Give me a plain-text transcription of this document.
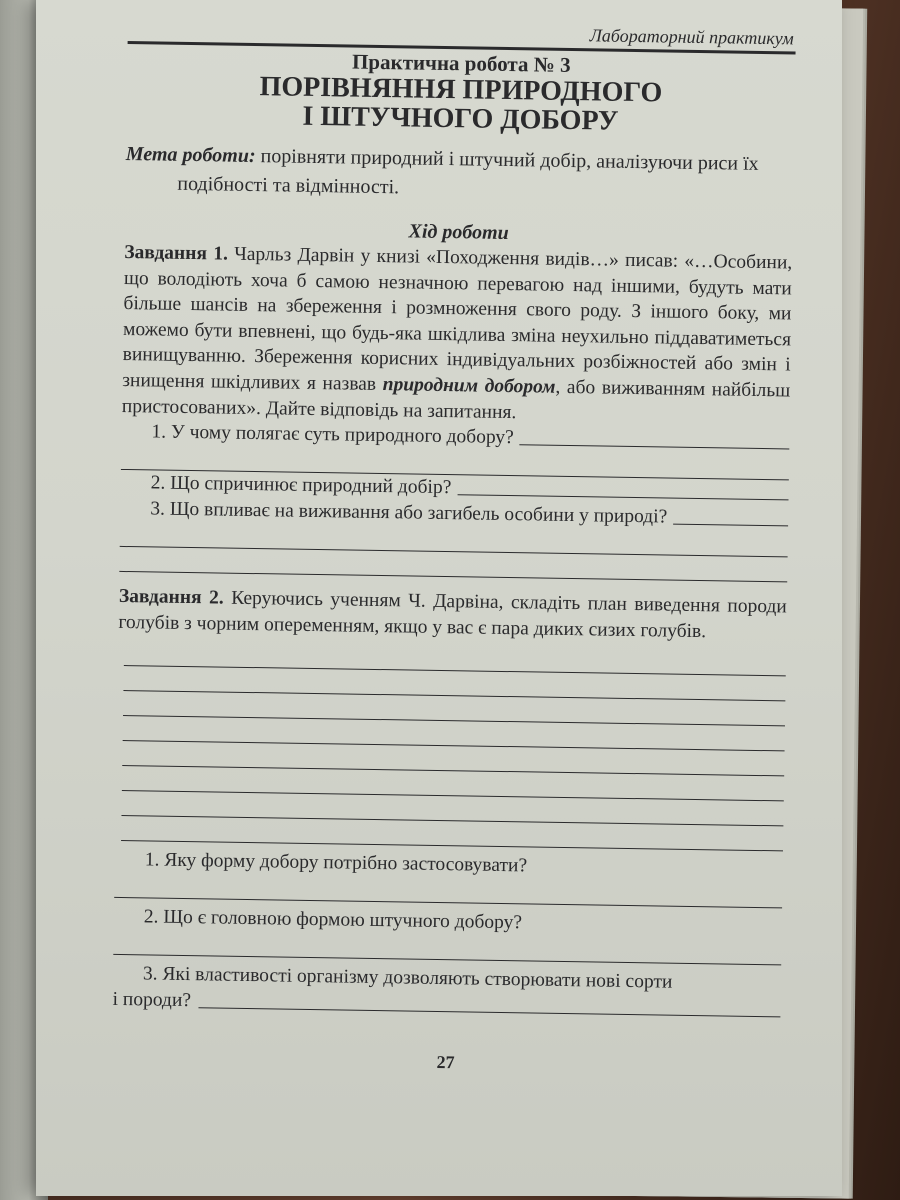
Лабораторний практикум
Практична робота № 3
ПОРІВНЯННЯ ПРИРОДНОГО
І ШТУЧНОГО ДОБОРУ
Мета роботи: порівняти природний і штучний добір, аналізуючи риси їх подібності та відмінності.
Хід роботи
Завдання 1. Чарльз Дарвін у книзі «Походження видів…» писав: «…Особини, що володіють хоча б самою незначною перевагою над іншими, будуть мати більше шансів на збереження і розмноження свого роду. З іншого боку, ми можемо бути впевнені, що будь-яка шкідлива зміна неухильно піддаватиметься винищуванню. Збереження корисних індивідуальних розбіжностей або змін і знищення шкідливих я назвав природним добором, або виживанням найбільш пристосованих». Дайте відповідь на запитання.
1. У чому полягає суть природного добору?
2. Що спричинює природний добір?
3. Що впливає на виживання або загибель особини у природі?
Завдання 2. Керуючись ученням Ч. Дарвіна, складіть план виведення породи голубів з чорним опеременням, якщо у вас є пара диких сизих голубів.
1. Яку форму добору потрібно застосовувати?
2. Що є головною формою штучного добору?
3. Які властивості організму дозволяють створювати нові сорти
і породи?
27
